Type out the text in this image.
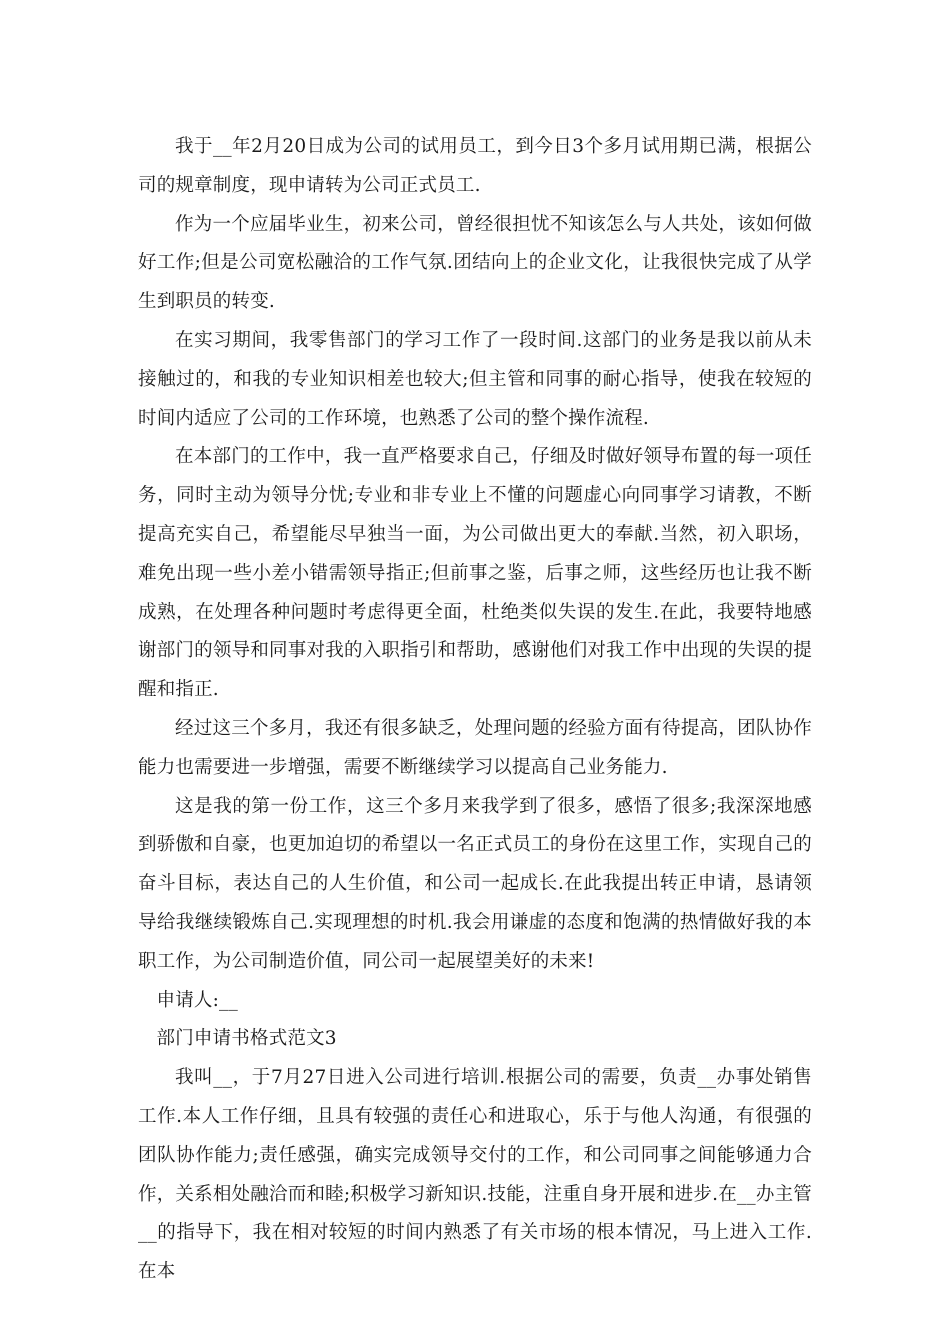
我于__年2月20日成为公司的试用员工，到今日3个多月试用期已满，根据公司的规章制度，现申请转为公司正式员工.

作为一个应届毕业生，初来公司，曾经很担忧不知该怎么与人共处，该如何做好工作;但是公司宽松融洽的工作气氛.团结向上的企业文化，让我很快完成了从学生到职员的转变.

在实习期间，我零售部门的学习工作了一段时间.这部门的业务是我以前从未接触过的，和我的专业知识相差也较大;但主管和同事的耐心指导，使我在较短的时间内适应了公司的工作环境，也熟悉了公司的整个操作流程.

在本部门的工作中，我一直严格要求自己，仔细及时做好领导布置的每一项任务，同时主动为领导分忧;专业和非专业上不懂的问题虚心向同事学习请教，不断提高充实自己，希望能尽早独当一面，为公司做出更大的奉献.当然，初入职场，难免出现一些小差小错需领导指正;但前事之鉴，后事之师，这些经历也让我不断成熟，在处理各种问题时考虑得更全面，杜绝类似失误的发生.在此，我要特地感谢部门的领导和同事对我的入职指引和帮助，感谢他们对我工作中出现的失误的提醒和指正.

经过这三个多月，我还有很多缺乏，处理问题的经验方面有待提高，团队协作能力也需要进一步增强，需要不断继续学习以提高自己业务能力.

这是我的第一份工作，这三个多月来我学到了很多，感悟了很多;我深深地感到骄傲和自豪，也更加迫切的希望以一名正式员工的身份在这里工作，实现自己的奋斗目标，表达自己的人生价值，和公司一起成长.在此我提出转正申请，恳请领导给我继续锻炼自己.实现理想的时机.我会用谦虚的态度和饱满的热情做好我的本职工作，为公司制造价值，同公司一起展望美好的未来!

申请人:__

部门申请书格式范文3

我叫__，于7月27日进入公司进行培训.根据公司的需要，负责__办事处销售工作.本人工作仔细，且具有较强的责任心和进取心，乐于与他人沟通，有很强的团队协作能力;责任感强，确实完成领导交付的工作，和公司同事之间能够通力合作，关系相处融洽而和睦;积极学习新知识.技能，注重自身开展和进步.在__办主管__的指导下，我在相对较短的时间内熟悉了有关市场的根本情况，马上进入工作.在本
